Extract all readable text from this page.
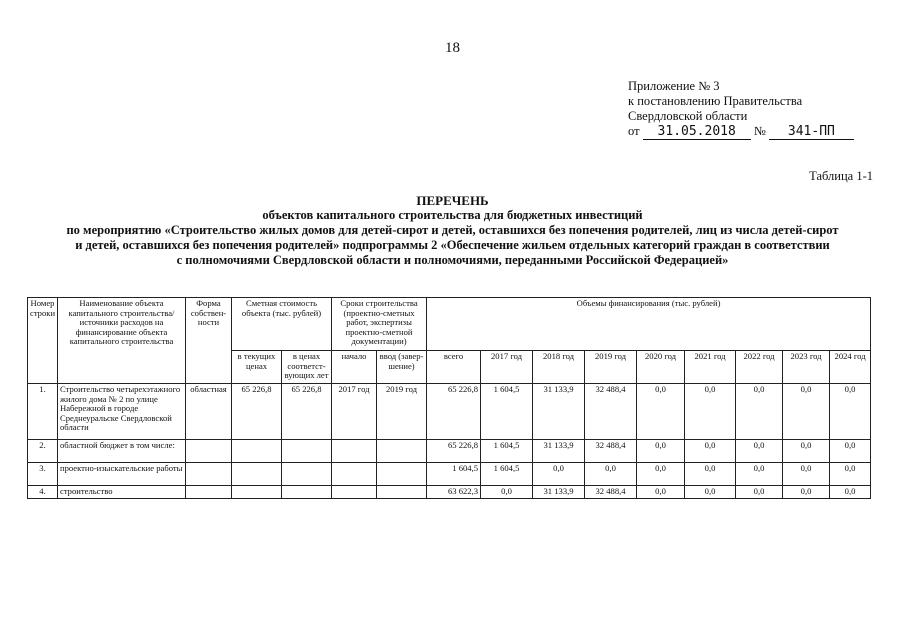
18
Приложение № 3
к постановлению Правительства
Свердловской области
от 31.05.2018 № 341-ПП
Таблица 1-1
ПЕРЕЧЕНЬ
объектов капитального строительства для бюджетных инвестиций
по мероприятию «Строительство жилых домов для детей-сирот и детей, оставшихся без попечения родителей, лиц из числа детей-сирот
и детей, оставшихся без попечения родителей» подпрограммы 2 «Обеспечение жильем отдельных категорий граждан в соответствии
с полномочиями Свердловской области и полномочиями, переданными Российской Федерацией»
Номер строки	Наименование объекта капитального строительства/ источники расходов на финансирование объекта капитального строительства	Форма собствен-ности	Сметная стоимость объекта (тыс. рублей)		Сроки строительства (проектно-сметных работ, экспертизы проектно-сметной документации)		Объемы финансирования (тыс. рублей)								
			в текущих ценах	в ценах соответст-вующих лет	начало	ввод (завер-шение)	всего	2017 год	2018 год	2019 год	2020 год	2021 год	2022 год	2023 год	2024 год
1.	Строительство четырехэтажного жилого дома № 2 по улице Набережной в городе Среднеуральске Свердловской области	областная	65 226,8	65 226,8	2017 год	2019 год	65 226,8	1 604,5	31 133,9	32 488,4	0,0	0,0	0,0	0,0	0,0
2.	областной бюджет в том числе:						65 226,8	1 604,5	31 133,9	32 488,4	0,0	0,0	0,0	0,0	0,0
3.	проектно-изыскательские работы						1 604,5	1 604,5	0,0	0,0	0,0	0,0	0,0	0,0	0,0
4.	строительство						63 622,3	0,0	31 133,9	32 488,4	0,0	0,0	0,0	0,0	0,0
